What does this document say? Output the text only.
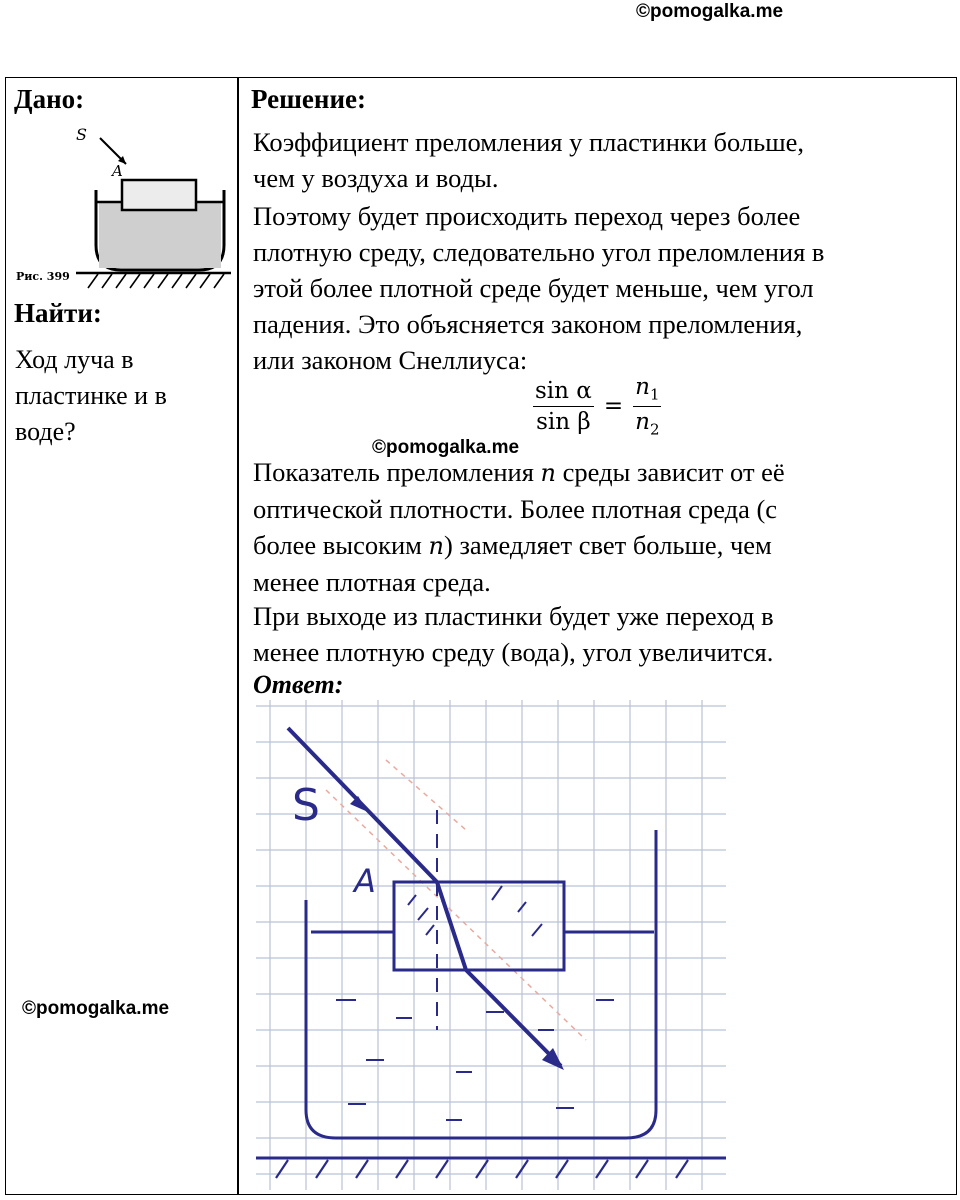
©pomogalka.me
Дано:
S
A
Рис. 399
Найти:
Ход луча в пластинке и в воде?
Решение:
Коэффициент преломления у пластинки больше,
чем у воздуха и воды.
Поэтому будет происходить переход через более
плотную среду, следовательно угол преломления в
этой более плотной среде будет меньше, чем угол
падения. Это объясняется законом преломления,
или законом Снеллиуса:
$\frac{\text{sin α}}{\text{sin β}} = \frac{n_1}{n_2}$
Показатель преломления n среды зависит от её
оптической плотности. Более плотная среда (с
более высоким n) замедляет свет больше, чем
менее плотная среда.
При выходе из пластинки будет уже переход в
менее плотную среду (вода), угол увеличится.
Ответ:
S
A
©pomogalka.me
©pomogalka.me
